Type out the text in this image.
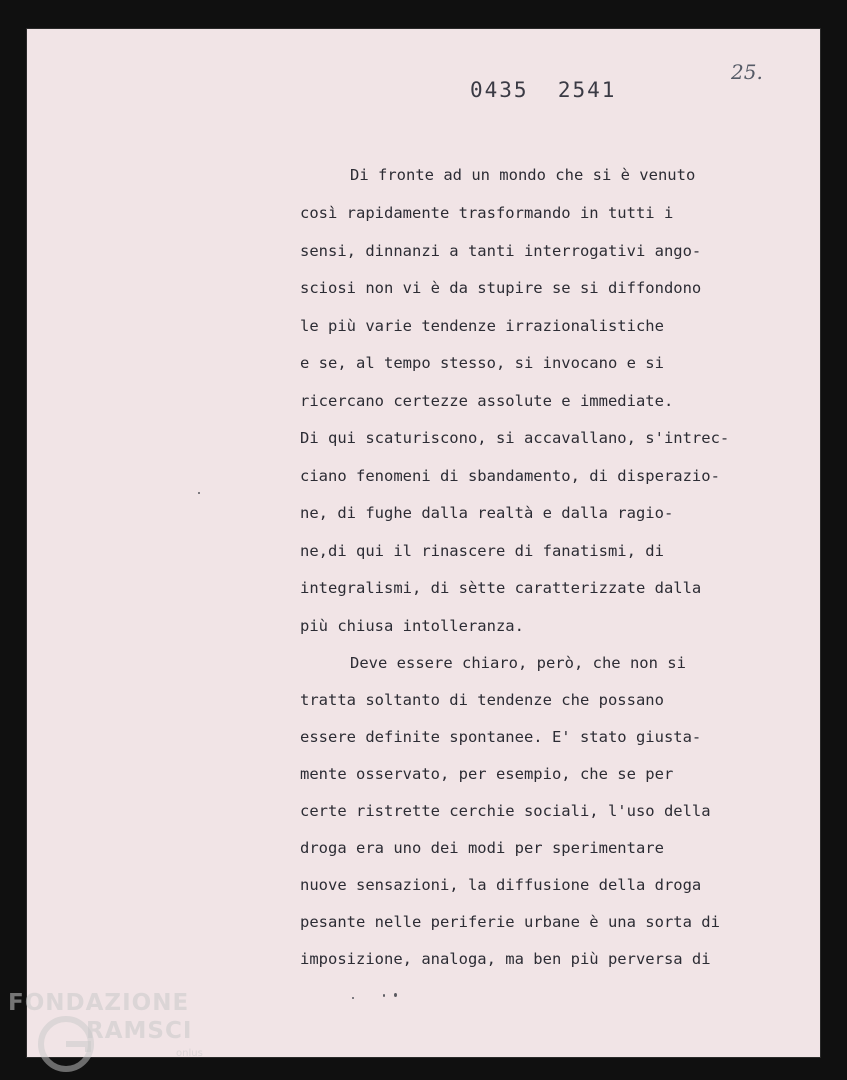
0435  2541
25.
Di fronte ad un mondo che si è venuto
così rapidamente trasformando in tutti i
sensi, dinnanzi a tanti interrogativi ango-
sciosi non vi è da stupire se si diffondono
le più varie tendenze irrazionalistiche
e se, al tempo stesso, si invocano e si
ricercano certezze assolute e immediate.
Di qui scaturiscono, si accavallano, s'intrec-
ciano fenomeni di sbandamento, di disperazio-
ne, di fughe dalla realtà e dalla ragio-
ne,di qui il rinascere di fanatismi, di
integralismi, di sètte caratterizzate dalla
più chiusa intolleranza.
Deve essere chiaro, però, che non si
tratta soltanto di tendenze che possano
essere definite spontanee. E' stato giusta-
mente osservato, per esempio, che se per
certe ristrette cerchie sociali, l'uso della
droga era uno dei modi per sperimentare
nuove sensazioni, la diffusione della droga
pesante nelle periferie urbane è una sorta di
imposizione, analoga, ma ben più perversa di
FONDAZIONE
RAMSCI
onlus
